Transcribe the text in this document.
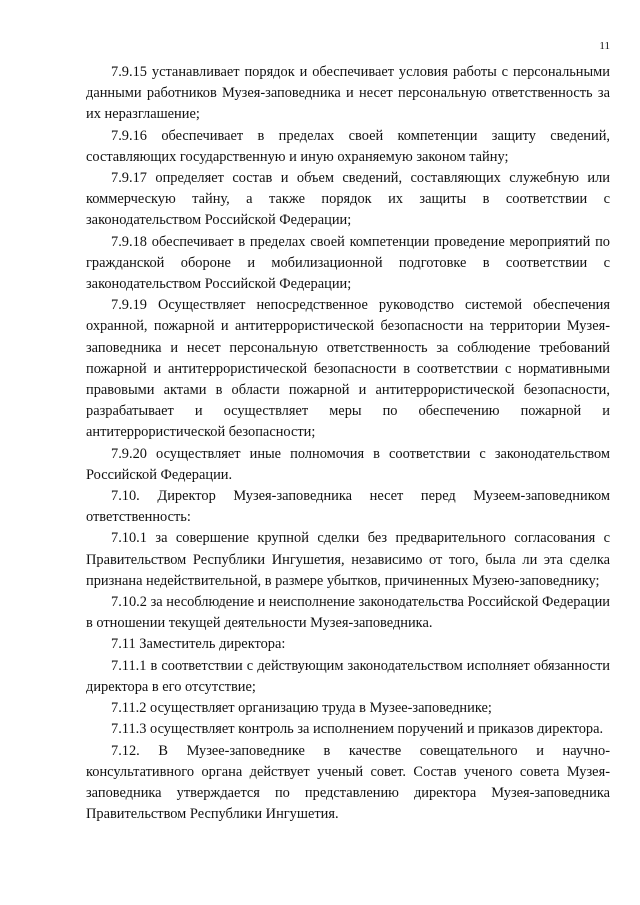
11

7.9.15 устанавливает порядок и обеспечивает условия работы с персональными данными работников Музея-заповедника и несет персональную ответственность за их неразглашение;

7.9.16 обеспечивает в пределах своей компетенции защиту сведений, составляющих государственную и иную охраняемую законом тайну;

7.9.17 определяет состав и объем сведений, составляющих служебную или коммерческую тайну, а также порядок их защиты в соответствии с законодательством Российской Федерации;

7.9.18 обеспечивает в пределах своей компетенции проведение мероприятий по гражданской обороне и мобилизационной подготовке в соответствии с законодательством Российской Федерации;

7.9.19 Осуществляет непосредственное руководство системой обеспечения охранной, пожарной и антитеррористической безопасности на территории Музея-заповедника и несет персональную ответственность за соблюдение требований пожарной и антитеррористической безопасности в соответствии с нормативными правовыми актами в области пожарной и антитеррористической безопасности, разрабатывает и осуществляет меры по обеспечению пожарной и антитеррористической безопасности;

7.9.20 осуществляет иные полномочия в соответствии с законодательством Российской Федерации.

7.10. Директор Музея-заповедника несет перед Музеем-заповедником ответственность:

7.10.1 за совершение крупной сделки без предварительного согласования с Правительством Республики Ингушетия, независимо от того, была ли эта сделка признана недействительной, в размере убытков, причиненных Музею-заповеднику;

7.10.2 за несоблюдение и неисполнение законодательства Российской Федерации в отношении текущей деятельности Музея-заповедника.

7.11 Заместитель директора:

7.11.1 в соответствии с действующим законодательством исполняет обязанности директора в его отсутствие;

7.11.2 осуществляет организацию труда в Музее-заповеднике;

7.11.3 осуществляет контроль за исполнением поручений и приказов директора.

7.12. В Музее-заповеднике в качестве совещательного и научно-консультативного органа действует ученый совет. Состав ученого совета Музея-заповедника утверждается по представлению директора Музея-заповедника Правительством Республики Ингушетия.
